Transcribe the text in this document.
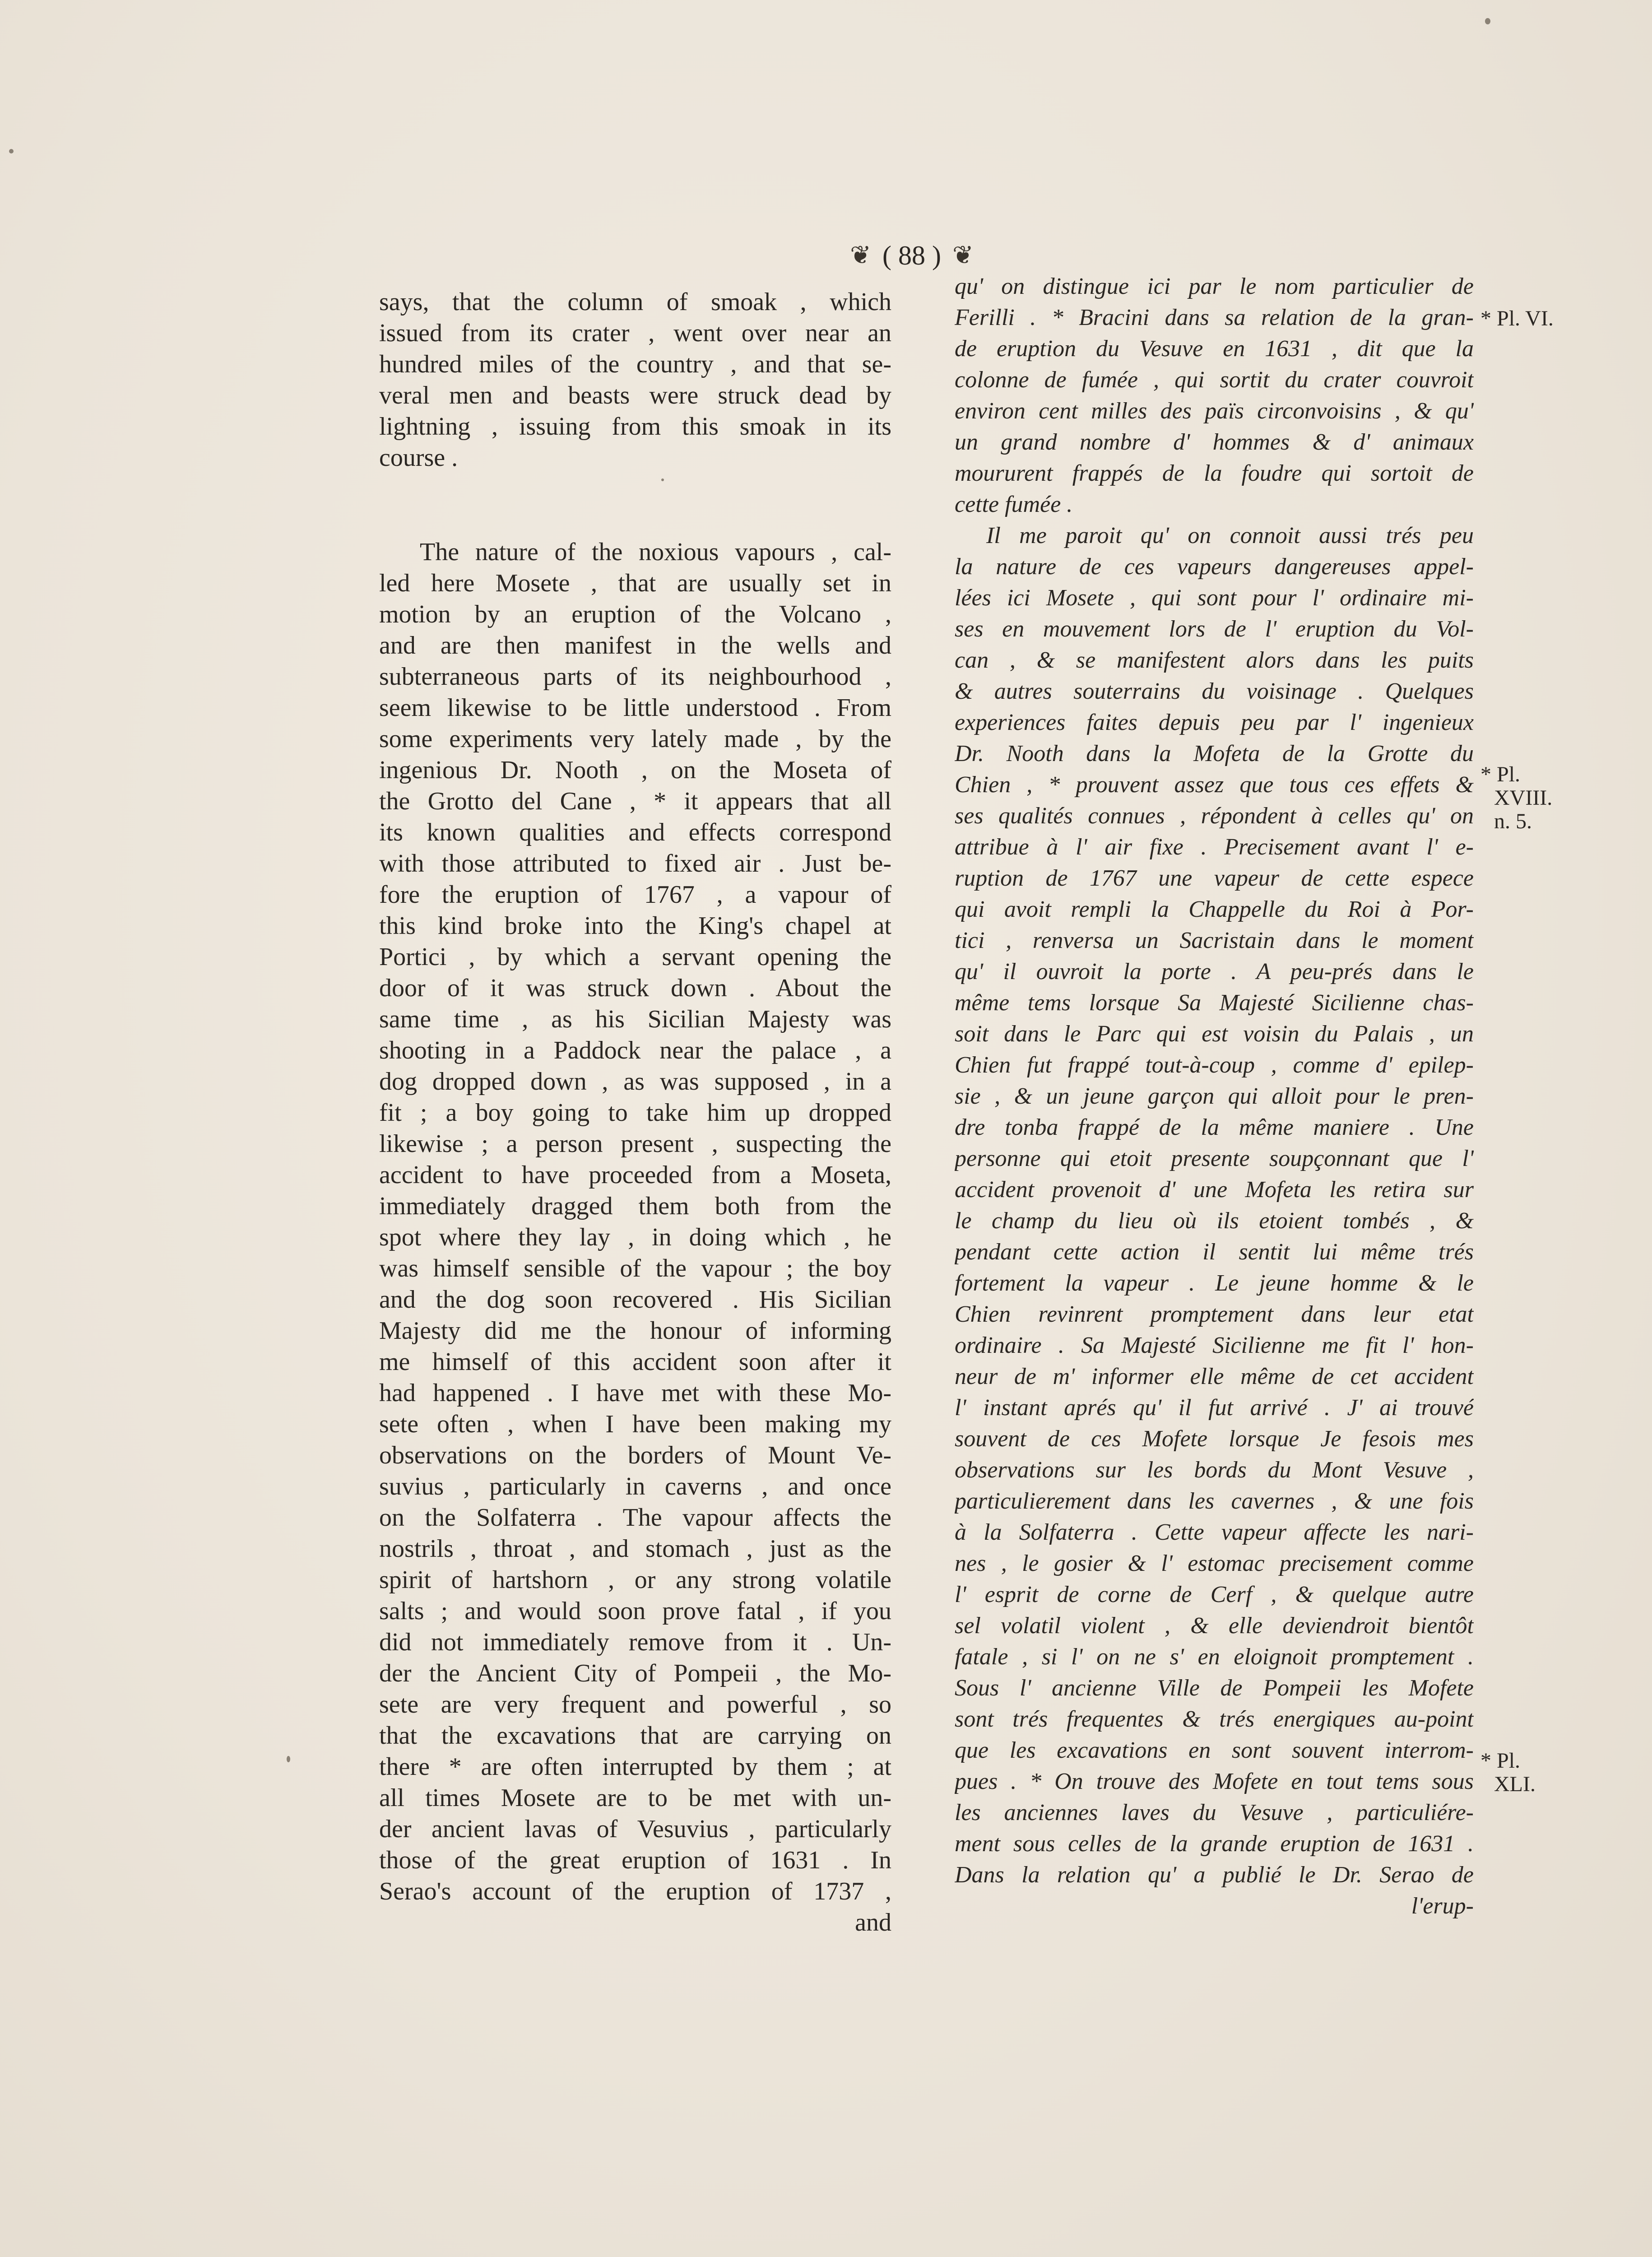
❦ ( 88 ) ❦
says, that the column of smoak , which
issued from its crater , went over near an
hundred miles of the country , and that se-
veral men and beasts were struck dead by
lightning , issuing from this smoak in its
course .
The nature of the noxious vapours , cal-
led here Mosete , that are usually set in
motion by an eruption of the Volcano ,
and are then manifest in the wells and
subterraneous parts of its neighbourhood ,
seem likewise to be little understood . From
some experiments very lately made , by the
ingenious Dr. Nooth , on the Moseta of
the Grotto del Cane , * it appears that all
its known qualities and effects correspond
with those attributed to fixed air . Just be-
fore the eruption of 1767 , a vapour of
this kind broke into the King's chapel at
Portici , by which a servant opening the
door of it was struck down . About the
same time , as his Sicilian Majesty was
shooting in a Paddock near the palace , a
dog dropped down , as was supposed , in a
fit ; a boy going to take him up dropped
likewise ; a person present , suspecting the
accident to have proceeded from a Moseta,
immediately dragged them both from the
spot where they lay , in doing which , he
was himself sensible of the vapour ; the boy
and the dog soon recovered . His Sicilian
Majesty did me the honour of informing
me himself of this accident soon after it
had happened . I have met with these Mo-
sete often , when I have been making my
observations on the borders of Mount Ve-
suvius , particularly in caverns , and once
on the Solfaterra . The vapour affects the
nostrils , throat , and stomach , just as the
spirit of hartshorn , or any strong volatile
salts ; and would soon prove fatal , if you
did not immediately remove from it . Un-
der the Ancient City of Pompeii , the Mo-
sete are very frequent and powerful , so
that the excavations that are carrying on
there * are often interrupted by them ; at
all times Mosete are to be met with un-
der ancient lavas of Vesuvius , particularly
those of the great eruption of 1631 . In
Serao's account of the eruption of 1737 ,
and
qu' on distingue ici par le nom particulier de
Ferilli . * Bracini dans sa relation de la gran-
de eruption du Vesuve en 1631 , dit que la
colonne de fumée , qui sortit du crater couvroit
environ cent milles des païs circonvoisins , & qu'
un grand nombre d' hommes & d' animaux
moururent frappés de la foudre qui sortoit de
cette fumée .
Il me paroit qu' on connoit aussi trés peu
la nature de ces vapeurs dangereuses appel-
lées ici Mosete , qui sont pour l' ordinaire mi-
ses en mouvement lors de l' eruption du Vol-
can , & se manifestent alors dans les puits
& autres souterrains du voisinage . Quelques
experiences faites depuis peu par l' ingenieux
Dr. Nooth dans la Mofeta de la Grotte du
Chien , * prouvent assez que tous ces effets &
ses qualités connues , répondent à celles qu' on
attribue à l' air fixe . Precisement avant l' e-
ruption de 1767 une vapeur de cette espece
qui avoit rempli la Chappelle du Roi à Por-
tici , renversa un Sacristain dans le moment
qu' il ouvroit la porte . A peu-prés dans le
même tems lorsque Sa Majesté Sicilienne chas-
soit dans le Parc qui est voisin du Palais , un
Chien fut frappé tout-à-coup , comme d' epilep-
sie , & un jeune garçon qui alloit pour le pren-
dre tonba frappé de la même maniere . Une
personne qui etoit presente soupçonnant que l'
accident provenoit d' une Mofeta les retira sur
le champ du lieu où ils etoient tombés , &
pendant cette action il sentit lui même trés
fortement la vapeur . Le jeune homme & le
Chien revinrent promptement dans leur etat
ordinaire . Sa Majesté Sicilienne me fit l' hon-
neur de m' informer elle même de cet accident
l' instant aprés qu' il fut arrivé . J' ai trouvé
souvent de ces Mofete lorsque Je fesois mes
observations sur les bords du Mont Vesuve ,
particulierement dans les cavernes , & une fois
à la Solfaterra . Cette vapeur affecte les nari-
nes , le gosier & l' estomac precisement comme
l' esprit de corne de Cerf , & quelque autre
sel volatil violent , & elle deviendroit bientôt
fatale , si l' on ne s' en eloignoit promptement .
Sous l' ancienne Ville de Pompeii les Mofete
sont trés frequentes & trés energiques au-point
que les excavations en sont souvent interrom-
pues . * On trouve des Mofete en tout tems sous
les anciennes laves du Vesuve , particuliére-
ment sous celles de la grande eruption de 1631 .
Dans la relation qu' a publié le Dr. Serao de
l'erup-
* Pl. VI.
* Pl.
XVIII.
n. 5.
* Pl.
XLI.
